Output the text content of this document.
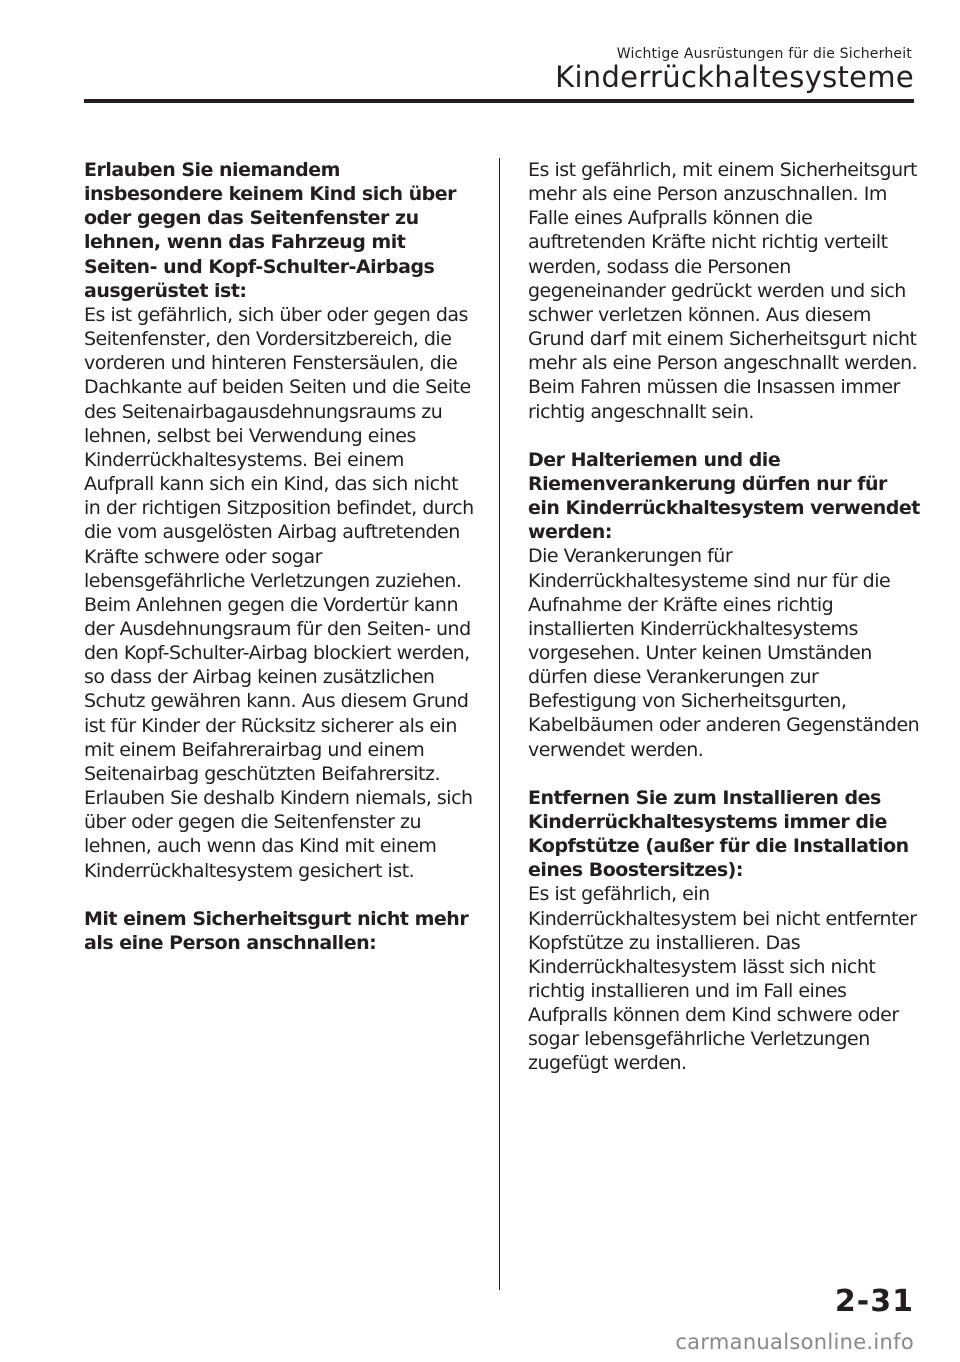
Wichtige Ausrüstungen für die Sicherheit
Kinderrückhaltesysteme

Erlauben Sie niemandem insbesondere keinem Kind sich über oder gegen das Seitenfenster zu lehnen, wenn das Fahrzeug mit Seiten- und Kopf-Schulter-Airbags ausgerüstet ist:

Es ist gefährlich, sich über oder gegen das Seitenfenster, den Vordersitzbereich, die vorderen und hinteren Fenstersäulen, die Dachkante auf beiden Seiten und die Seite des Seitenairbagausdehnungsraums zu lehnen, selbst bei Verwendung eines Kinderrückhaltesystems. Bei einem Aufprall kann sich ein Kind, das sich nicht in der richtigen Sitzposition befindet, durch die vom ausgelösten Airbag auftretenden Kräfte schwere oder sogar lebensgefährliche Verletzungen zuziehen. Beim Anlehnen gegen die Vordertür kann der Ausdehnungsraum für den Seiten- und den Kopf-Schulter-Airbag blockiert werden, so dass der Airbag keinen zusätzlichen Schutz gewähren kann. Aus diesem Grund ist für Kinder der Rücksitz sicherer als ein mit einem Beifahrerairbag und einem Seitenairbag geschützten Beifahrersitz. Erlauben Sie deshalb Kindern niemals, sich über oder gegen die Seitenfenster zu lehnen, auch wenn das Kind mit einem Kinderrückhaltesystem gesichert ist.

Mit einem Sicherheitsgurt nicht mehr als eine Person anschnallen:

Es ist gefährlich, mit einem Sicherheitsgurt mehr als eine Person anzuschnallen. Im Falle eines Aufpralls können die auftretenden Kräfte nicht richtig verteilt werden, sodass die Personen gegeneinander gedrückt werden und sich schwer verletzen können. Aus diesem Grund darf mit einem Sicherheitsgurt nicht mehr als eine Person angeschnallt werden. Beim Fahren müssen die Insassen immer richtig angeschnallt sein.

Der Halteriemen und die Riemenverankerung dürfen nur für ein Kinderrückhaltesystem verwendet werden:

Die Verankerungen für Kinderrückhaltesysteme sind nur für die Aufnahme der Kräfte eines richtig installierten Kinderrückhaltesystems vorgesehen. Unter keinen Umständen dürfen diese Verankerungen zur Befestigung von Sicherheitsgurten, Kabelbäumen oder anderen Gegenständen verwendet werden.

Entfernen Sie zum Installieren des Kinderrückhaltesystems immer die Kopfstütze (außer für die Installation eines Boostersitzes):

Es ist gefährlich, ein Kinderrückhaltesystem bei nicht entfernter Kopfstütze zu installieren. Das Kinderrückhaltesystem lässt sich nicht richtig installieren und im Fall eines Aufpralls können dem Kind schwere oder sogar lebensgefährliche Verletzungen zugefügt werden.

2-31
carmanualsonline.info
